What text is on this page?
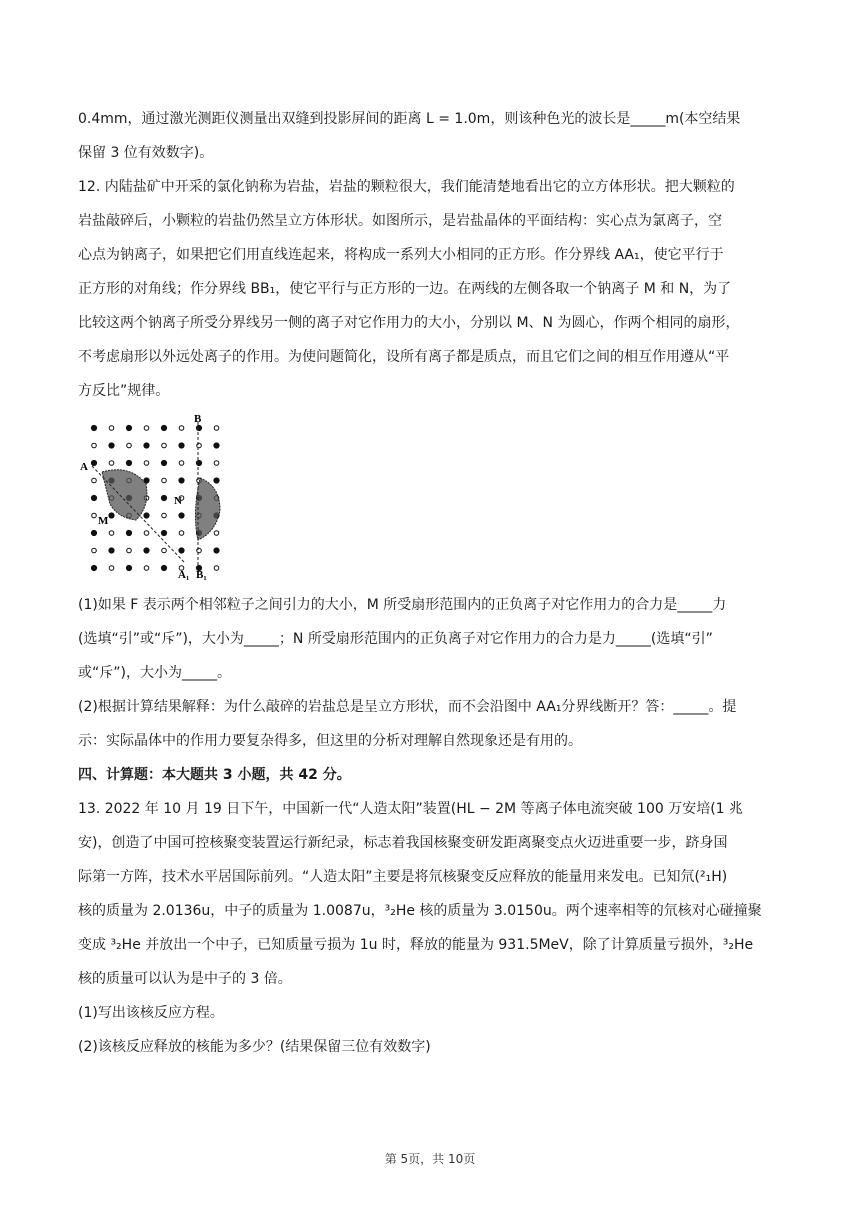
0.4mm，通过激光测距仪测量出双缝到投影屏间的距离 L = 1.0m，则该种色光的波长是_____m(本空结果
保留 3 位有效数字)。
12. 内陆盐矿中开采的氯化钠称为岩盐，岩盐的颗粒很大，我们能清楚地看出它的立方体形状。把大颗粒的
岩盐敲碎后，小颗粒的岩盐仍然呈立方体形状。如图所示，是岩盐晶体的平面结构：实心点为氯离子，空
心点为钠离子，如果把它们用直线连起来，将构成一系列大小相同的正方形。作分界线 AA₁，使它平行于
正方形的对角线；作分界线 BB₁，使它平行与正方形的一边。在两线的左侧各取一个钠离子 M 和 N，为了
比较这两个钠离子所受分界线另一侧的离子对它作用力的大小，分别以 M、N 为圆心，作两个相同的扇形，
不考虑扇形以外远处离子的作用。为使问题简化，设所有离子都是质点，而且它们之间的相互作用遵从“平
方反比”规律。
A
A₁
B
B₁
M
N
(1)如果 F 表示两个相邻粒子之间引力的大小，M 所受扇形范围内的正负离子对它作用力的合力是_____力
(选填“引”或“斥”)，大小为_____；N 所受扇形范围内的正负离子对它作用力的合力是力_____(选填“引”
或“斥”)，大小为_____。
(2)根据计算结果解释：为什么敲碎的岩盐总是呈立方形状，而不会沿图中 AA₁分界线断开？答：_____。提
示：实际晶体中的作用力要复杂得多，但这里的分析对理解自然现象还是有用的。
四、计算题：本大题共 3 小题，共 42 分。
13. 2022 年 10 月 19 日下午，中国新一代“人造太阳”装置(HL − 2M 等离子体电流突破 100 万安培(1 兆
安)，创造了中国可控核聚变装置运行新纪录，标志着我国核聚变研发距离聚变点火迈进重要一步，跻身国
际第一方阵，技术水平居国际前列。“人造太阳”主要是将氘核聚变反应释放的能量用来发电。已知氘(²₁H)
核的质量为 2.0136u，中子的质量为 1.0087u，³₂He 核的质量为 3.0150u。两个速率相等的氘核对心碰撞聚
变成 ³₂He 并放出一个中子，已知质量亏损为 1u 时，释放的能量为 931.5MeV，除了计算质量亏损外，³₂He
核的质量可以认为是中子的 3 倍。
(1)写出该核反应方程。
(2)该核反应释放的核能为多少？(结果保留三位有效数字)
第 5页，共 10页
